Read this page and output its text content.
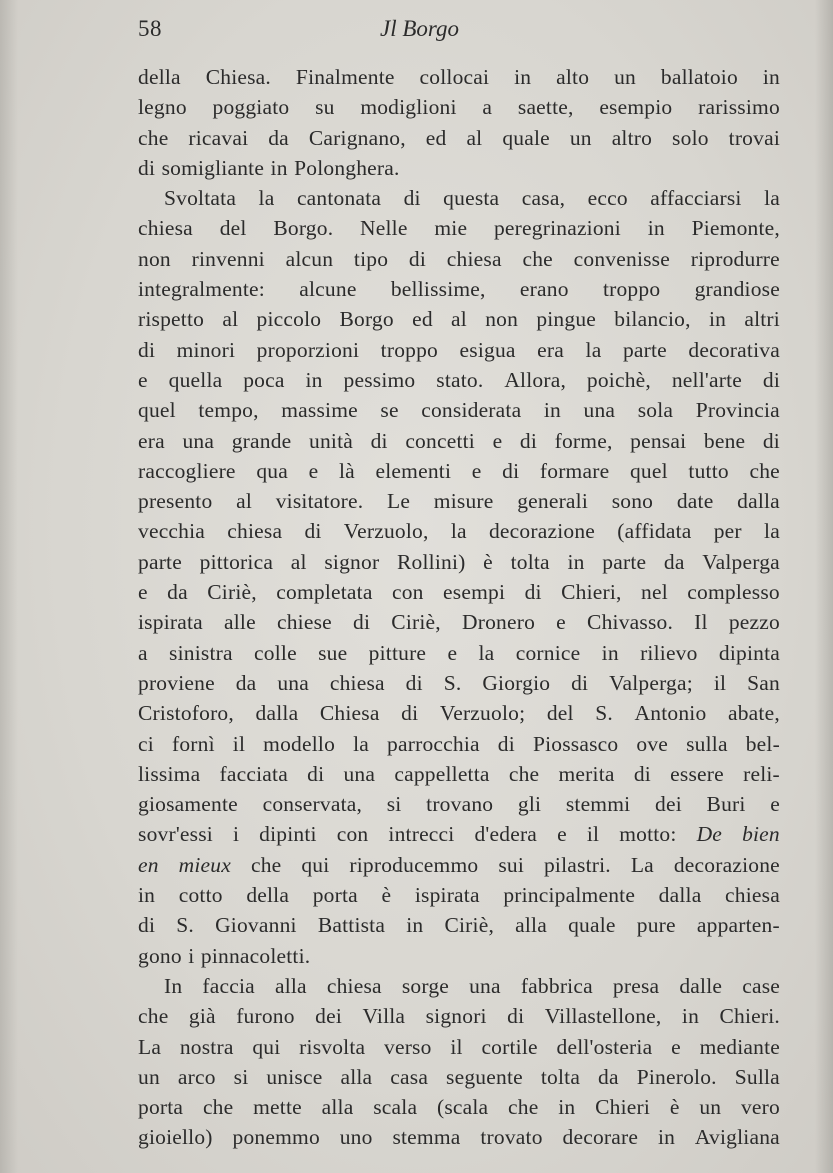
58	Jl Borgo
della Chiesa. Finalmente collocai in alto un ballatoio in
legno poggiato su modiglioni a saette, esempio rarissimo
che ricavai da Carignano, ed al quale un altro solo trovai
di somigliante in Polonghera.
Svoltata la cantonata di questa casa, ecco affacciarsi la
chiesa del Borgo. Nelle mie peregrinazioni in Piemonte,
non rinvenni alcun tipo di chiesa che convenisse riprodurre
integralmente: alcune bellissime, erano troppo grandiose
rispetto al piccolo Borgo ed al non pingue bilancio, in altri
di minori proporzioni troppo esigua era la parte decorativa
e quella poca in pessimo stato. Allora, poichè, nell'arte di
quel tempo, massime se considerata in una sola Provincia
era una grande unità di concetti e di forme, pensai bene di
raccogliere qua e là elementi e di formare quel tutto che
presento al visitatore. Le misure generali sono date dalla
vecchia chiesa di Verzuolo, la decorazione (affidata per la
parte pittorica al signor Rollini) è tolta in parte da Valperga
e da Ciriè, completata con esempi di Chieri, nel complesso
ispirata alle chiese di Ciriè, Dronero e Chivasso. Il pezzo
a sinistra colle sue pitture e la cornice in rilievo dipinta
proviene da una chiesa di S. Giorgio di Valperga; il San
Cristoforo, dalla Chiesa di Verzuolo; del S. Antonio abate,
ci fornì il modello la parrocchia di Piossasco ove sulla bel-
lissima facciata di una cappelletta che merita di essere reli-
giosamente conservata, si trovano gli stemmi dei Buri e
sovr'essi i dipinti con intrecci d'edera e il motto: De bien
en mieux che qui riproducemmo sui pilastri. La decorazione
in cotto della porta è ispirata principalmente dalla chiesa
di S. Giovanni Battista in Ciriè, alla quale pure apparten-
gono i pinnacoletti.
In faccia alla chiesa sorge una fabbrica presa dalle case
che già furono dei Villa signori di Villastellone, in Chieri.
La nostra qui risvolta verso il cortile dell'osteria e mediante
un arco si unisce alla casa seguente tolta da Pinerolo. Sulla
porta che mette alla scala (scala che in Chieri è un vero
gioiello) ponemmo uno stemma trovato decorare in Avigliana
